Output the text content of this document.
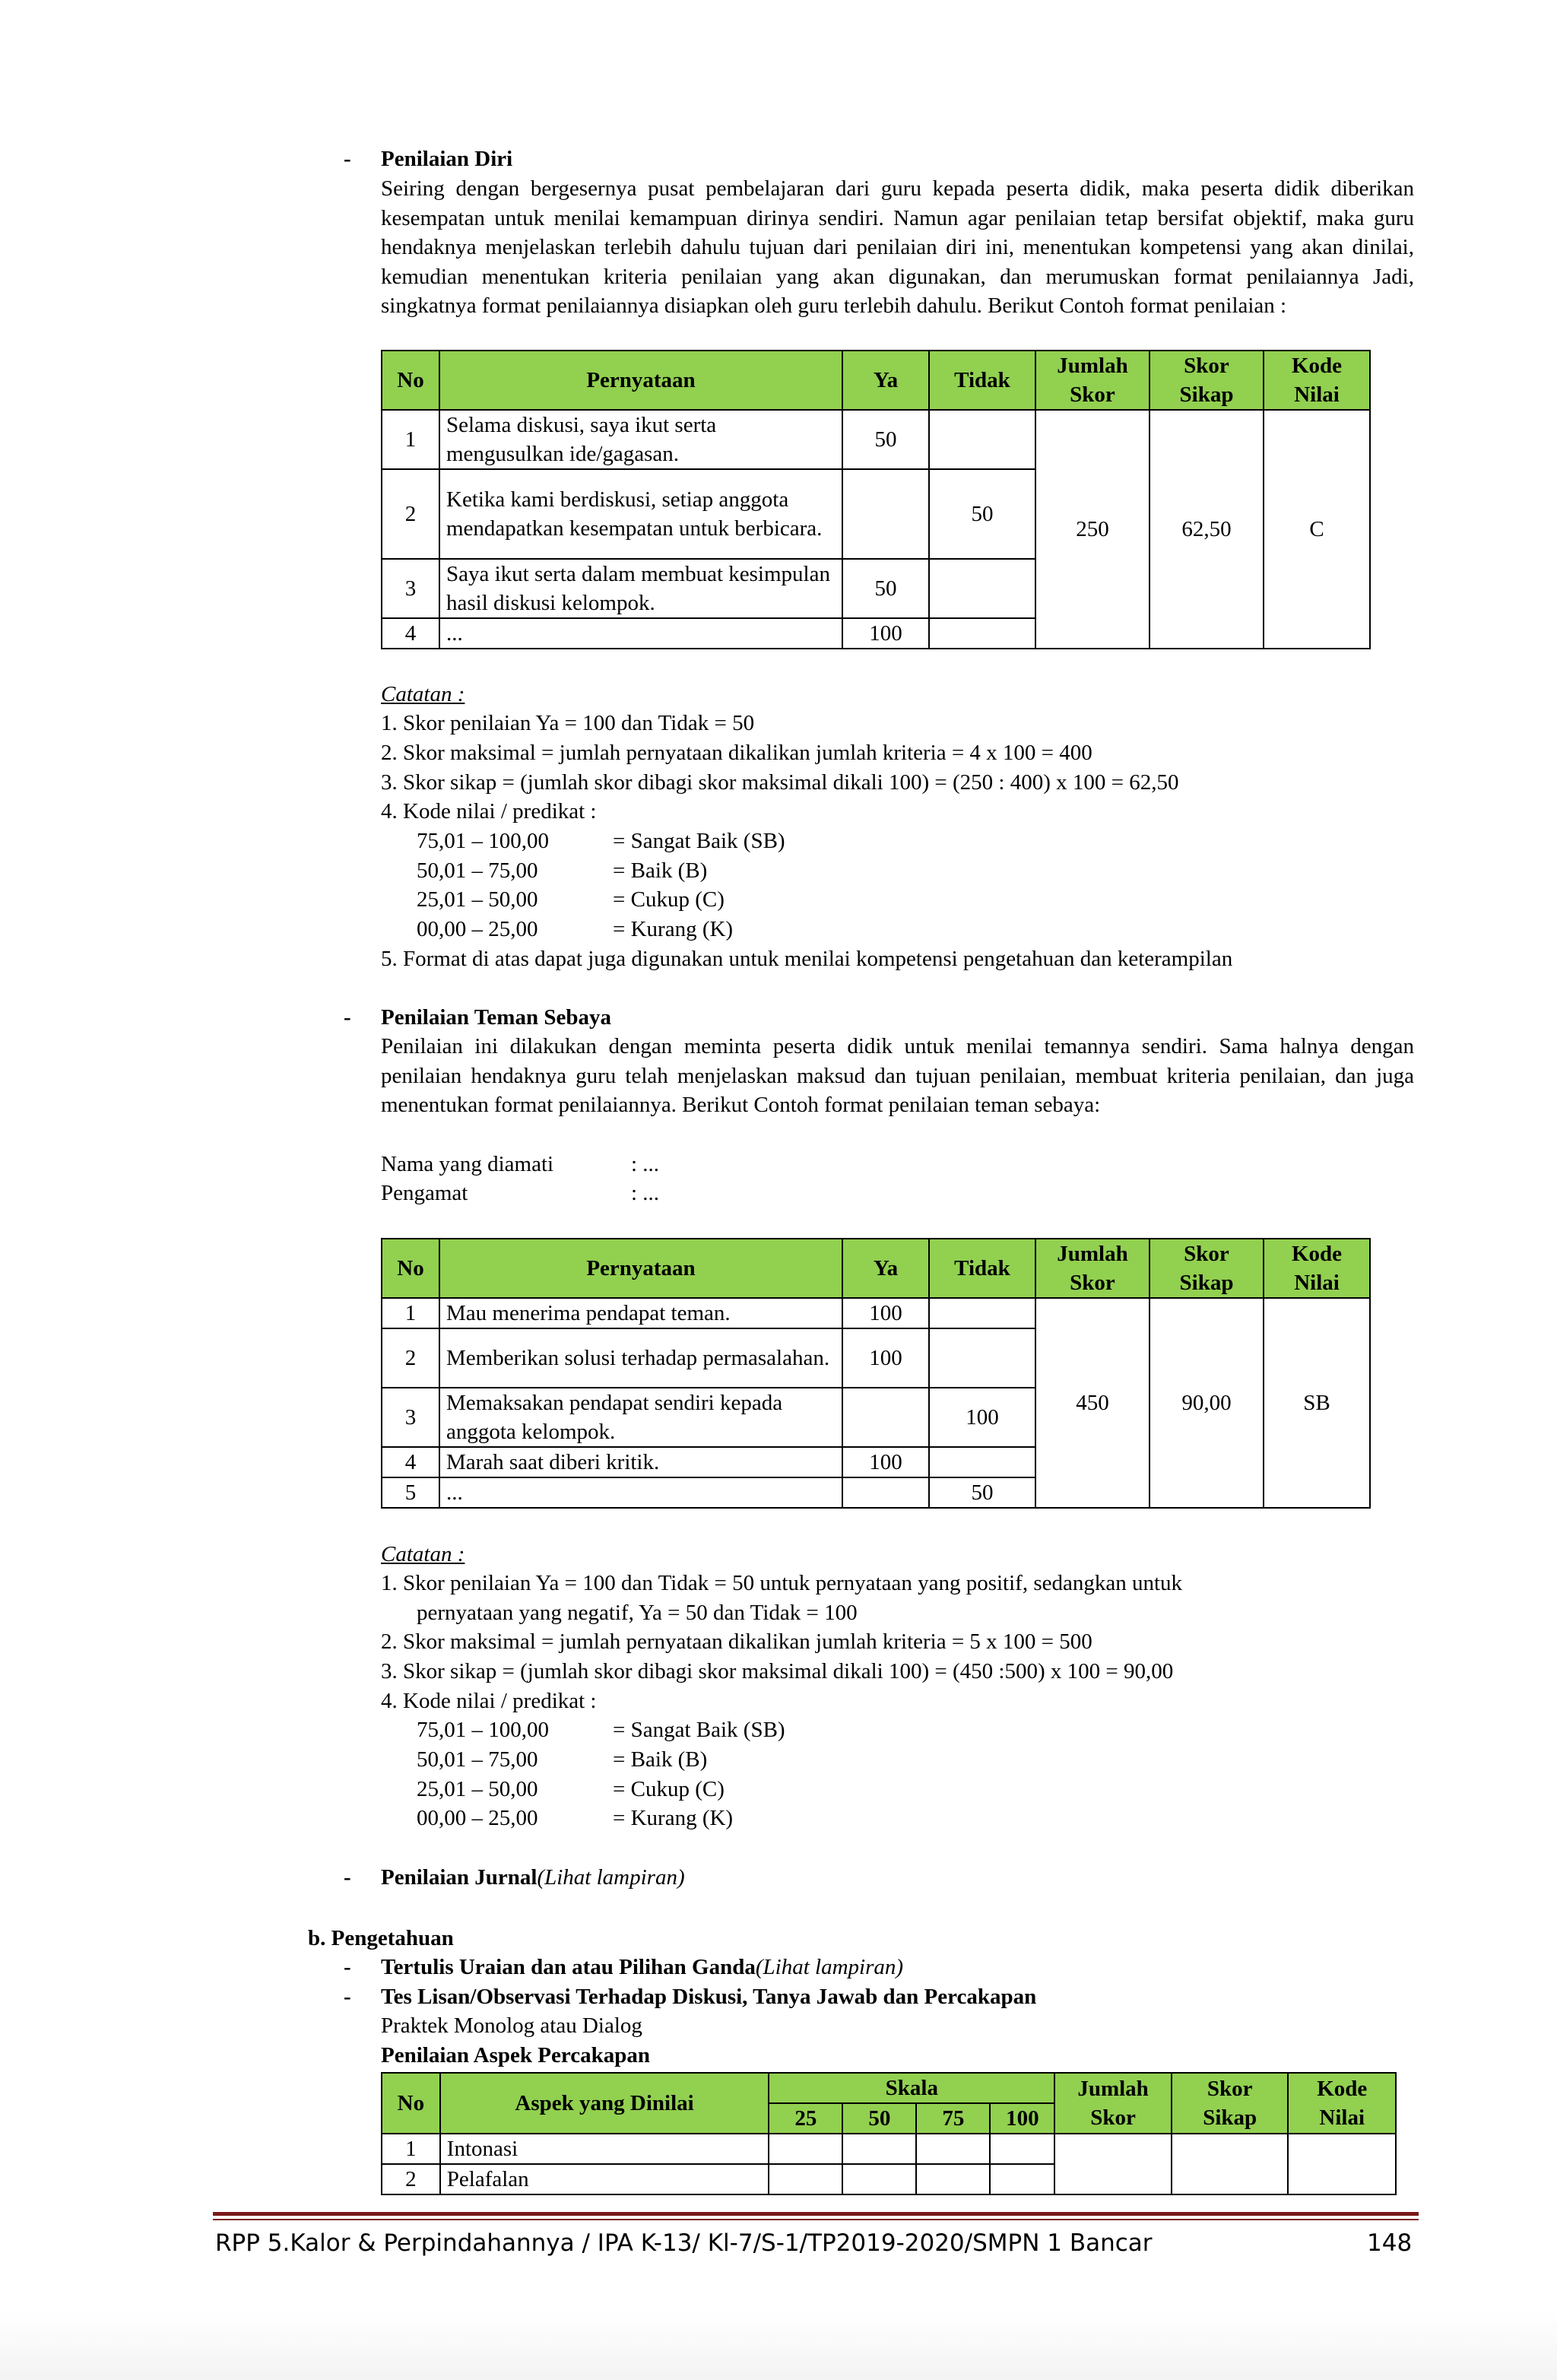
- Penilaian Diri
Seiring dengan bergesernya pusat pembelajaran dari guru kepada peserta didik, maka peserta didik diberikan kesempatan untuk menilai kemampuan dirinya sendiri. Namun agar penilaian tetap bersifat objektif, maka guru hendaknya menjelaskan terlebih dahulu tujuan dari penilaian diri ini, menentukan kompetensi yang akan dinilai, kemudian menentukan kriteria penilaian yang akan digunakan, dan merumuskan format penilaiannya Jadi, singkatnya format penilaiannya disiapkan oleh guru terlebih dahulu. Berikut Contoh format penilaian :
No	Pernyataan	Ya	Tidak	Jumlah Skor	Skor Sikap	Kode Nilai
1	Selama diskusi, saya ikut serta mengusulkan ide/gagasan.	50		250	62,50	C
2	Ketika kami berdiskusi, setiap anggota mendapatkan kesempatan untuk berbicara.		50			
3	Saya ikut serta dalam membuat kesimpulan hasil diskusi kelompok.	50				
4	...	100				
Catatan :
1. Skor penilaian Ya = 100 dan Tidak = 50
2. Skor maksimal = jumlah pernyataan dikalikan jumlah kriteria = 4 x 100 = 400
3. Skor sikap = (jumlah skor dibagi skor maksimal dikali 100) = (250 : 400) x 100 = 62,50
4. Kode nilai / predikat :
75,01 – 100,00	= Sangat Baik (SB)
50,01 – 75,00	= Baik (B)
25,01 – 50,00	= Cukup (C)
00,00 – 25,00	= Kurang (K)
5. Format di atas dapat juga digunakan untuk menilai kompetensi pengetahuan dan keterampilan
- Penilaian Teman Sebaya
Penilaian ini dilakukan dengan meminta peserta didik untuk menilai temannya sendiri. Sama halnya dengan penilaian hendaknya guru telah menjelaskan maksud dan tujuan penilaian, membuat kriteria penilaian, dan juga menentukan format penilaiannya. Berikut Contoh format penilaian teman sebaya:
Nama yang diamati	: ...
Pengamat	: ...
No	Pernyataan	Ya	Tidak	Jumlah Skor	Skor Sikap	Kode Nilai
1	Mau menerima pendapat teman.	100		450	90,00	SB
2	Memberikan solusi terhadap permasalahan.	100				
3	Memaksakan pendapat sendiri kepada anggota kelompok.		100			
4	Marah saat diberi kritik.	100				
5	...		50			
Catatan :
1. Skor penilaian Ya = 100 dan Tidak = 50 untuk pernyataan yang positif, sedangkan untuk
pernyataan yang negatif, Ya = 50 dan Tidak = 100
2. Skor maksimal = jumlah pernyataan dikalikan jumlah kriteria = 5 x 100 = 500
3. Skor sikap = (jumlah skor dibagi skor maksimal dikali 100) = (450 :500) x 100 = 90,00
4. Kode nilai / predikat :
75,01 – 100,00	= Sangat Baik (SB)
50,01 – 75,00	= Baik (B)
25,01 – 50,00	= Cukup (C)
00,00 – 25,00	= Kurang (K)
- Penilaian Jurnal(Lihat lampiran)
b. Pengetahuan
- Tertulis Uraian dan atau Pilihan Ganda(Lihat lampiran)
- Tes Lisan/Observasi Terhadap Diskusi, Tanya Jawab dan Percakapan
Praktek Monolog atau Dialog
Penilaian Aspek Percakapan
No	Aspek yang Dinilai	Skala				Jumlah Skor	Skor Sikap	Kode Nilai
		25	50	75	100			
1	Intonasi							
2	Pelafalan							
RPP 5.Kalor & Perpindahannya / IPA K-13/ Kl-7/S-1/TP2019-2020/SMPN 1 Bancar	148
